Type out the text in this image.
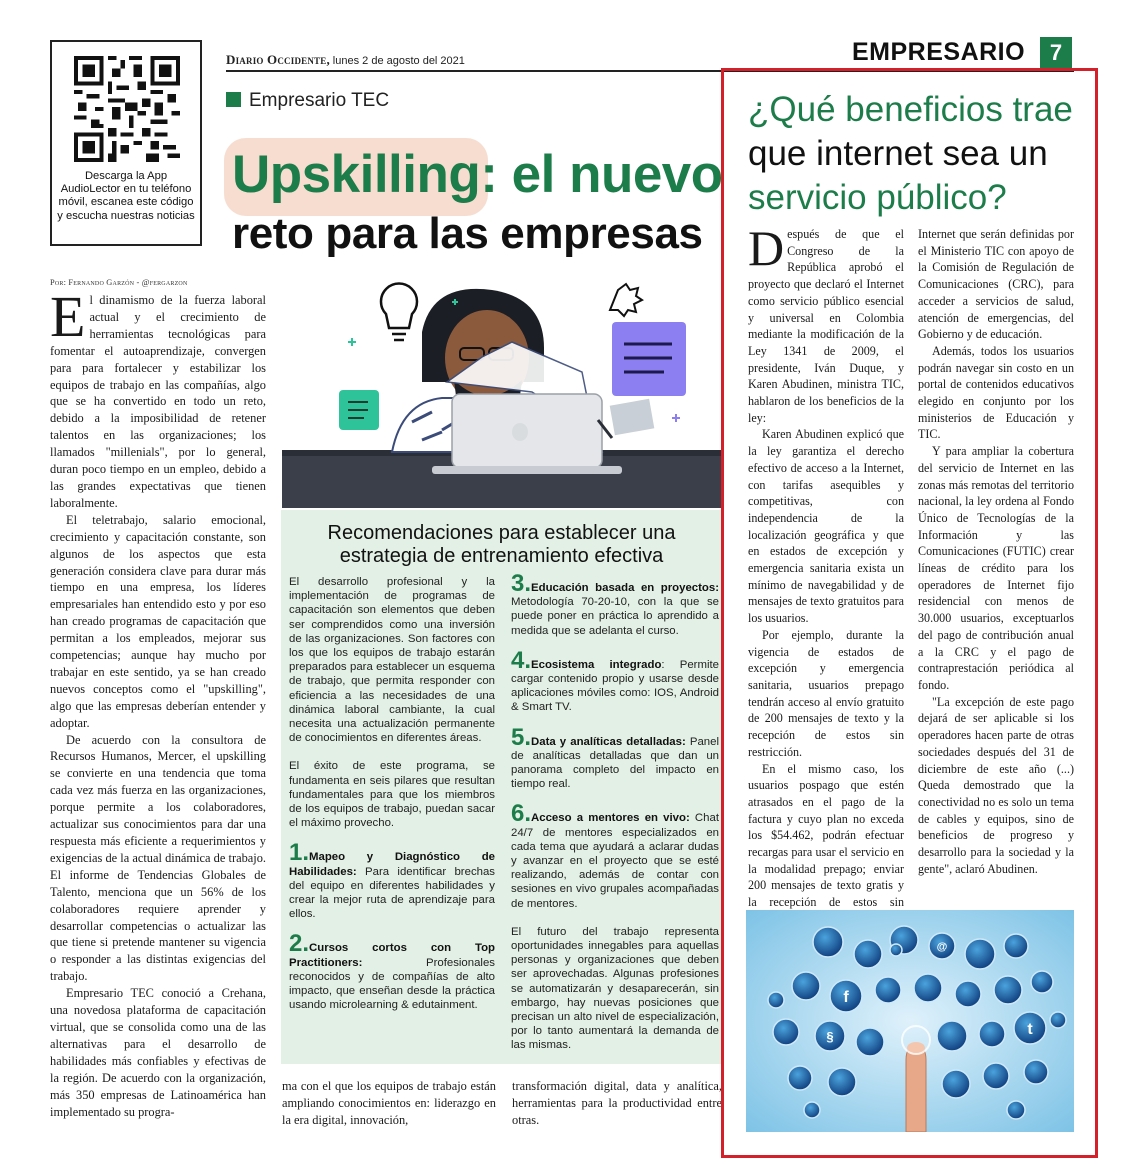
Descarga la App AudioLector en tu teléfono móvil, escanea este código y escucha nuestras noticias
Diario Occidente, lunes 2 de agosto del 2021	EMPRESARIO	7
Empresario TEC
Upskilling: el nuevo
reto para las empresas
Por: Fernando Garzón - @fergarzon

El dinamismo de la fuerza laboral actual y el crecimiento de herramientas tecnológicas para fomentar el autoaprendizaje, convergen para para fortalecer y estabilizar los equipos de trabajo en las compañías, algo que se ha convertido en todo un reto, debido a la imposibilidad de retener talentos en las organizaciones; los llamados "millenials", por lo general, duran poco tiempo en un empleo, debido a las grandes expectativas que tienen laboralmente.

El teletrabajo, salario emocional, crecimiento y capacitación constante, son algunos de los aspectos que esta generación considera clave para durar más tiempo en una empresa, los líderes empresariales han entendido esto y por eso han creado programas de capacitación que permitan a los empleados, mejorar sus competencias; aunque hay mucho por trabajar en este sentido, ya se han creado nuevos conceptos como el "upskilling", algo que las empresas deberían entender y adoptar.

De acuerdo con la consultora de Recursos Humanos, Mercer, el upskilling se convierte en una tendencia que toma cada vez más fuerza en las organizaciones, porque permite a los colaboradores, actualizar sus conocimientos para dar una respuesta más eficiente a requerimientos y exigencias de la actual dinámica de trabajo. El informe de Tendencias Globales de Talento, menciona que un 56% de los colaboradores requiere aprender y desarrollar competencias o actualizar las que tiene si pretende mantener su vigencia o responder a las distintas exigencias del trabajo.

Empresario TEC conoció a Crehana, una novedosa plataforma de capacitación virtual, que se consolida como una de las alternativas para el desarrollo de habilidades más confiables y efectivas de la región. De acuerdo con la organización, más 350 empresas de Latinoamérica han implementado su progra-

Recomendaciones para establecer una estrategia de entrenamiento efectiva

El desarrollo profesional y la implementación de programas de capacitación son elementos que deben ser comprendidos como una inversión de las organizaciones. Son factores con los que los equipos de trabajo estarán preparados para establecer un esquema de trabajo, que permita responder con eficiencia a las necesidades de una dinámica laboral cambiante, la cual necesita una actualización permanente de conocimientos en diferentes áreas.

El éxito de este programa, se fundamenta en seis pilares que resultan fundamentales para que los miembros de los equipos de trabajo, puedan sacar el máximo provecho.

1.Mapeo y Diagnóstico de Habilidades: Para identificar brechas del equipo en diferentes habilidades y crear la mejor ruta de aprendizaje para ellos.
2.Cursos cortos con Top Practitioners: Profesionales reconocidos y de compañías de alto impacto, que enseñan desde la práctica usando microlearning & edutainment.
3.Educación basada en proyectos: Metodología 70-20-10, con la que se puede poner en práctica lo aprendido a medida que se adelanta el curso.
4.Ecosistema integrado: Permite cargar contenido propio y usarse desde aplicaciones móviles como: IOS, Android & Smart TV.
5.Data y analíticas detalladas: Panel de analíticas detalladas que dan un panorama completo del impacto en tiempo real.
6.Acceso a mentores en vivo: Chat 24/7 de mentores especializados en cada tema que ayudará a aclarar dudas y avanzar en el proyecto que se esté realizando, además de contar con sesiones en vivo grupales acompañadas de mentores.

El futuro del trabajo representa oportunidades innegables para aquellas personas y organizaciones que deben ser aprovechadas. Algunas profesiones se automatizarán y desaparecerán, sin embargo, hay nuevas posiciones que precisan un alto nivel de especialización, por lo tanto aumentará la demanda de las mismas.

ma con el que los equipos de trabajo están ampliando conocimientos en: liderazgo en la era digital, innovación,
transformación digital, data y analítica, herramientas para la productividad entre otras.
¿Qué beneficios trae
que internet sea un
servicio público?

Después de que el Congreso de la República aprobó el proyecto que declaró el Internet como servicio público esencial y universal en Colombia mediante la modificación de la Ley 1341 de 2009, el presidente, Iván Duque, y Karen Abudinen, ministra TIC, hablaron de los beneficios de la ley:

Karen Abudinen explicó que la ley garantiza el derecho efectivo de acceso a la Internet, con tarifas asequibles y competitivas, con independencia de la localización geográfica y que en estados de excepción y emergencia sanitaria exista un mínimo de navegabilidad y de mensajes de texto gratuitos para los usuarios.

Por ejemplo, durante la vigencia de estados de excepción y emergencia sanitaria, usuarios prepago tendrán acceso al envío gratuito de 200 mensajes de texto y la recepción de estos sin restricción.

En el mismo caso, los usuarios pospago que estén atrasados en el pago de la factura y cuyo plan no exceda los $54.462, podrán efectuar recargas para usar el servicio en la modalidad prepago; enviar 200 mensajes de texto gratis y la recepción de estos sin

Internet que serán definidas por el Ministerio TIC con apoyo de la Comisión de Regulación de Comunicaciones (CRC), para acceder a servicios de salud, atención de emergencias, del Gobierno y de educación.

Además, todos los usuarios podrán navegar sin costo en un portal de contenidos educativos elegido en conjunto por los ministerios de Educación y TIC.

Y para ampliar la cobertura del servicio de Internet en las zonas más remotas del territorio nacional, la ley ordena al Fondo Único de Tecnologías de la Información y las Comunicaciones (FUTIC) crear líneas de crédito para los operadores de Internet fijo residencial con menos de 30.000 usuarios, exceptuarlos del pago de contribución anual a la CRC y el pago de contraprestación periódica al fondo.

"La excepción de este pago dejará de ser aplicable si los operadores hacen parte de otras sociedades después del 31 de diciembre de este año (...) Queda demostrado que la conectividad no es solo un tema de cables y equipos, sino de beneficios de progreso y desarrollo para la sociedad y la gente", aclaró Abudinen.

f
t
§
@
